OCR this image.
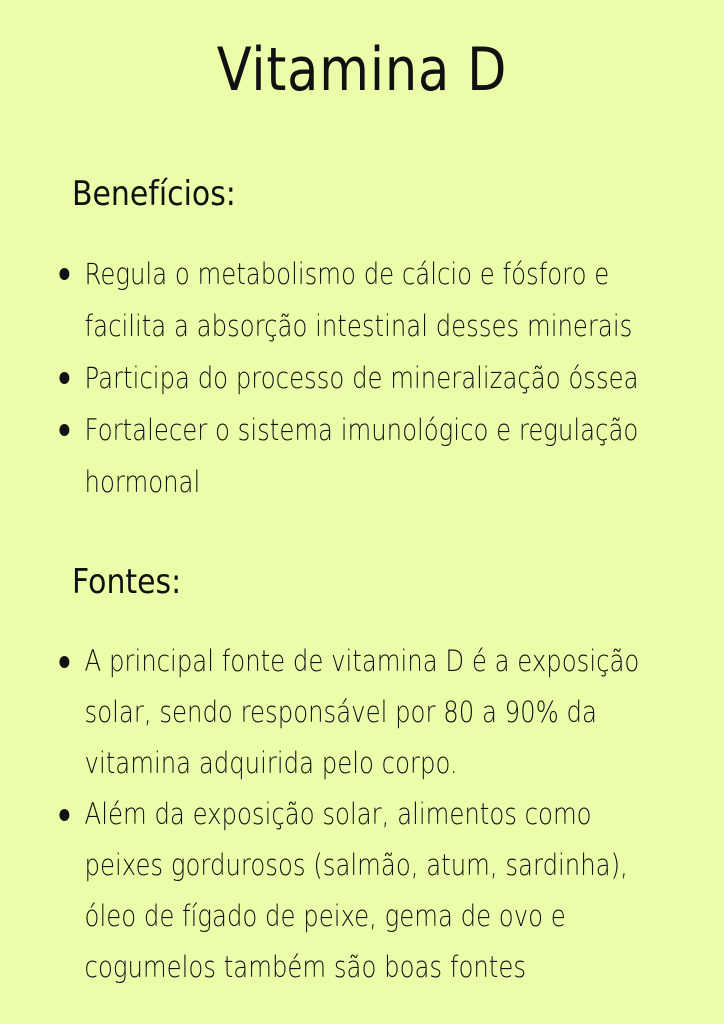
Vitamina D
Benefícios:
Regula o metabolismo de cálcio e fósforo e facilita a absorção intestinal desses minerais
Participa do processo de mineralização óssea
Fortalecer o sistema imunológico e regulação hormonal
Fontes:
A principal fonte de vitamina D é a exposição solar, sendo responsável por 80 a 90% da vitamina adquirida pelo corpo.
Além da exposição solar, alimentos como peixes gordurosos (salmão, atum, sardinha), óleo de fígado de peixe, gema de ovo e cogumelos também são boas fontes
